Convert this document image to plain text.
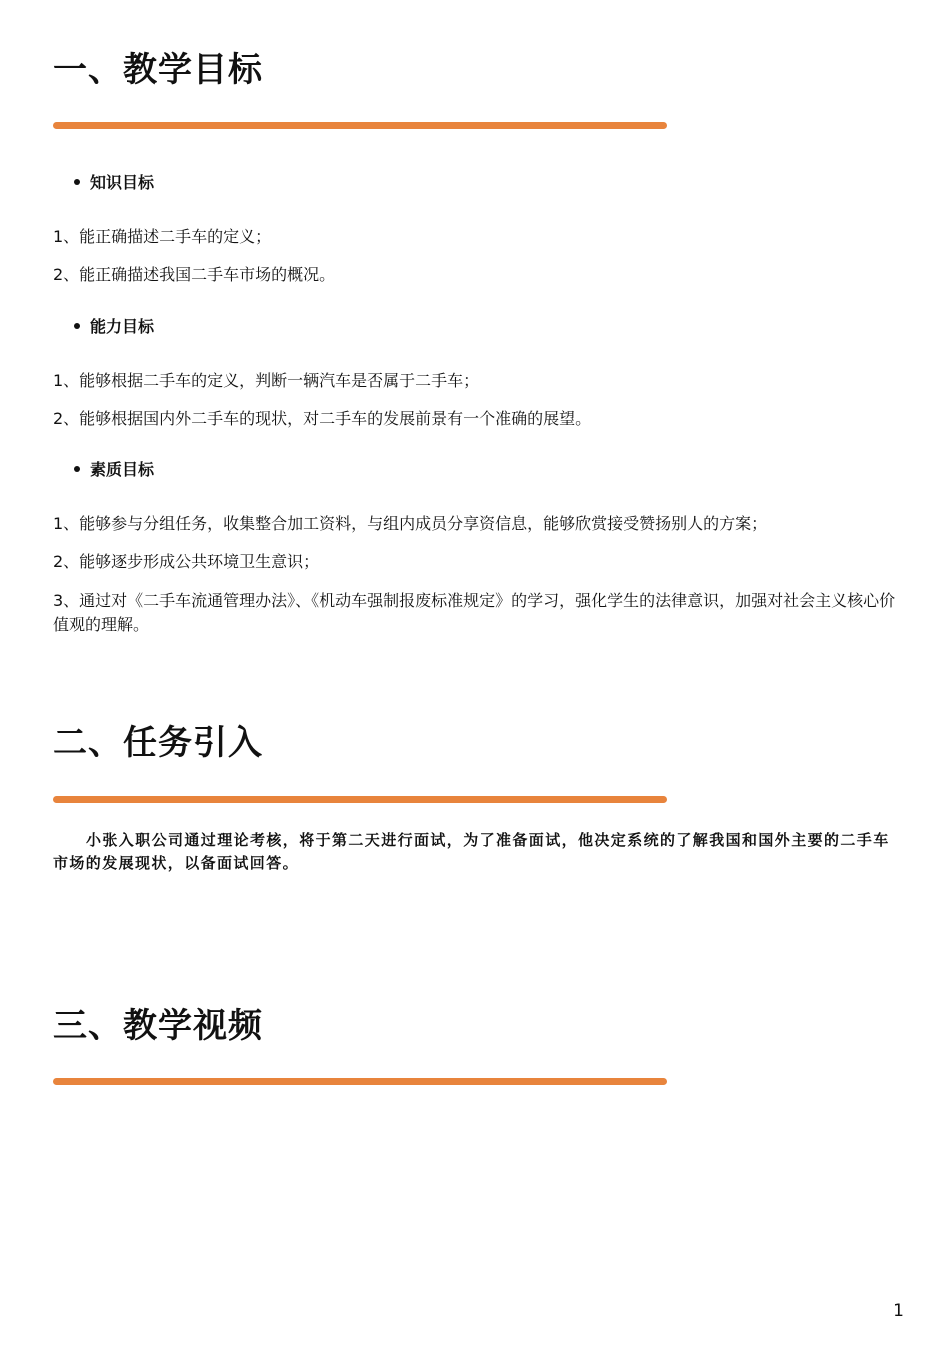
一、教学目标
知识目标

1、能正确描述二手车的定义；

2、能正确描述我国二手车市场的概况。

能力目标

1、能够根据二手车的定义，判断一辆汽车是否属于二手车；

2、能够根据国内外二手车的现状，对二手车的发展前景有一个准确的展望。

素质目标

1、能够参与分组任务，收集整合加工资料，与组内成员分享资信息，能够欣赏接受赞扬别人的方案；

2、能够逐步形成公共环境卫生意识；

3、通过对《二手车流通管理办法》、《机动车强制报废标准规定》的学习，强化学生的法律意识，加强对社会主义核心价值观的理解。

二、任务引入

小张入职公司通过理论考核，将于第二天进行面试，为了准备面试，他决定系统的了解我国和国外主要的二手车市场的发展现状，以备面试回答。

三、教学视频
1
